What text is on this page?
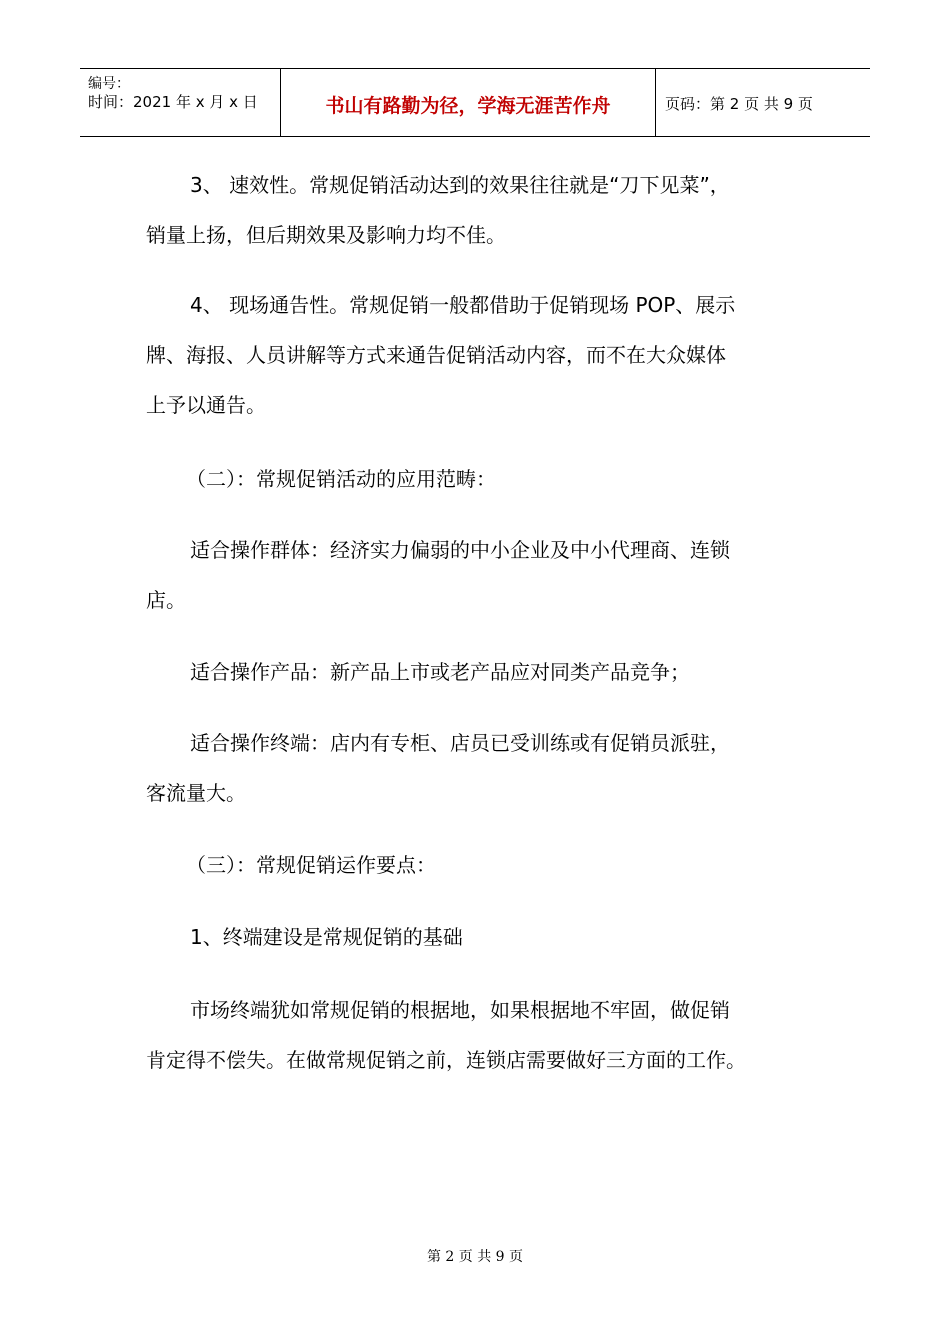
编号：
时间：2021 年 x 月 x 日	书山有路勤为径，学海无涯苦作舟	页码：第 2 页 共 9 页
3、 速效性。常规促销活动达到的效果往往就是“刀下见菜”，
销量上扬，但后期效果及影响力均不佳。
4、 现场通告性。常规促销一般都借助于促销现场 POP、展示
牌、海报、人员讲解等方式来通告促销活动内容，而不在大众媒体
上予以通告。
（二）：常规促销活动的应用范畴：
适合操作群体：经济实力偏弱的中小企业及中小代理商、连锁
店。
适合操作产品：新产品上市或老产品应对同类产品竞争；
适合操作终端：店内有专柜、店员已受训练或有促销员派驻，
客流量大。
（三）：常规促销运作要点：
1、终端建设是常规促销的基础
市场终端犹如常规促销的根据地，如果根据地不牢固，做促销
肯定得不偿失。在做常规促销之前，连锁店需要做好三方面的工作。
第 2 页 共 9 页
